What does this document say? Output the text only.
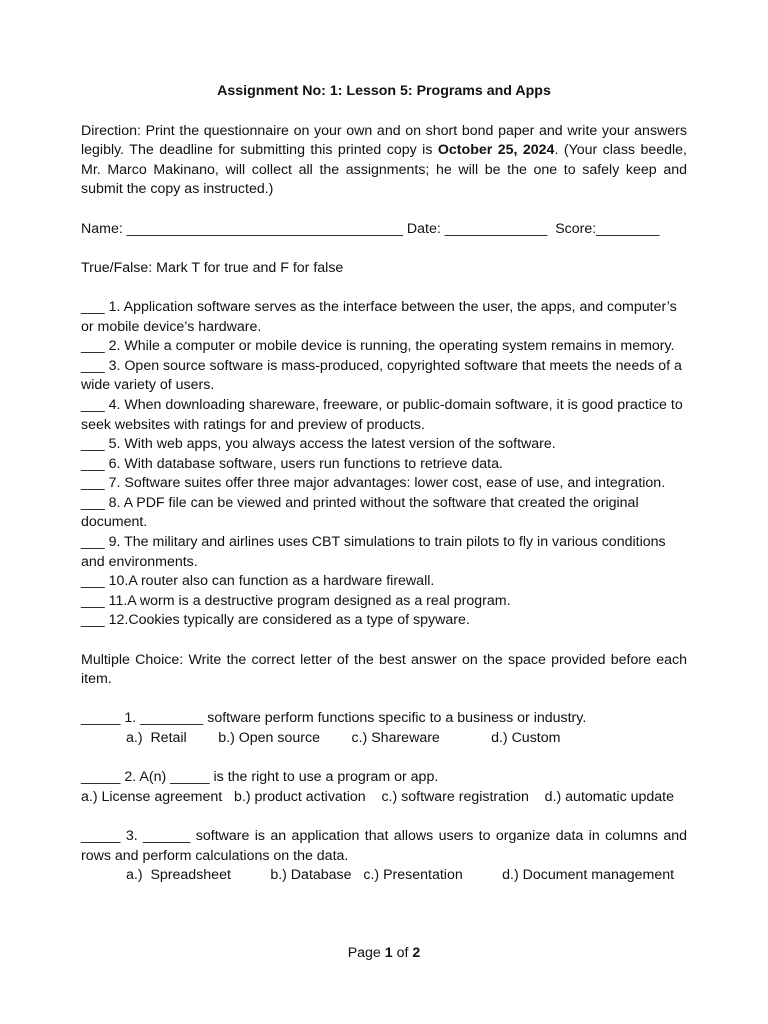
Assignment No: 1: Lesson 5: Programs and Apps

Direction: Print the questionnaire on your own and on short bond paper and write your answers legibly. The deadline for submitting this printed copy is October 25, 2024. (Your class beedle, Mr. Marco Makinano, will collect all the assignments; he will be the one to safely keep and submit the copy as instructed.)

Name: ___________________________________ Date: _____________ Score:________

True/False: Mark T for true and F for false

___ 1. Application software serves as the interface between the user, the apps, and computer’s or mobile device’s hardware.

___ 2. While a computer or mobile device is running, the operating system remains in memory.

___ 3. Open source software is mass-produced, copyrighted software that meets the needs of a wide variety of users.

___ 4. When downloading shareware, freeware, or public-domain software, it is good practice to seek websites with ratings for and preview of products.

___ 5. With web apps, you always access the latest version of the software.

___ 6. With database software, users run functions to retrieve data.

___ 7. Software suites offer three major advantages: lower cost, ease of use, and integration.

___ 8. A PDF file can be viewed and printed without the software that created the original document.

___ 9. The military and airlines uses CBT simulations to train pilots to fly in various conditions and environments.

___ 10.A router also can function as a hardware firewall.

___ 11.A worm is a destructive program designed as a real program.

___ 12.Cookies typically are considered as a type of spyware.

Multiple Choice: Write the correct letter of the best answer on the space provided before each item.

_____ 1. ________ software perform functions specific to a business or industry.

a.)  Retail        b.) Open source        c.) Shareware             d.) Custom

_____ 2. A(n) _____ is the right to use a program or app.

a.) License agreement   b.) product activation    c.) software registration    d.) automatic update

_____ 3. ______ software is an application that allows users to organize data in columns and rows and perform calculations on the data.

a.)  Spreadsheet          b.) Database   c.) Presentation          d.) Document management

Page 1 of 2
